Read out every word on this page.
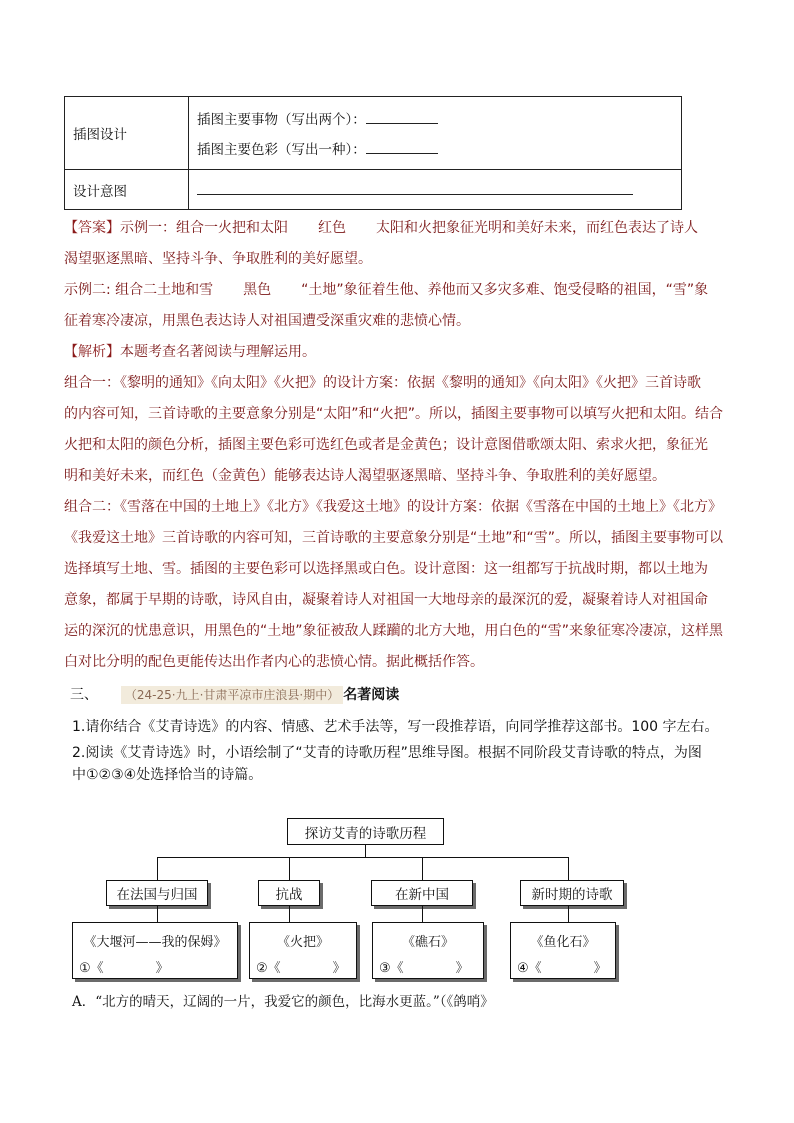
插图设计	插图主要事物（写出两个）：
插图主要色彩（写出一种）：

设计意图	

【答案】示例一：组合一火把和太阳 红色 太阳和火把象征光明和美好未来，而红色表达了诗人

渴望驱逐黑暗、坚持斗争、争取胜利的美好愿望。

示例二: 组合二土地和雪 黑色 “土地”象征着生他、养他而又多灾多难、饱受侵略的祖国，“雪”象

征着寒冷凄凉，用黑色表达诗人对祖国遭受深重灾难的悲愤心情。

【解析】本题考查名著阅读与理解运用。

组合一：《黎明的通知》《向太阳》《火把》的设计方案：依据《黎明的通知》《向太阳》《火把》三首诗歌

的内容可知，三首诗歌的主要意象分别是“太阳”和“火把”。所以，插图主要事物可以填写火把和太阳。结合

火把和太阳的颜色分析，插图主要色彩可选红色或者是金黄色；设计意图借歌颂太阳、索求火把，象征光

明和美好未来，而红色（金黄色）能够表达诗人渴望驱逐黑暗、坚持斗争、争取胜利的美好愿望。

组合二：《雪落在中国的土地上》《北方》《我爱这土地》的设计方案：依据《雪落在中国的土地上》《北方》

《我爱这土地》三首诗歌的内容可知，三首诗歌的主要意象分别是“土地”和“雪”。所以，插图主要事物可以

选择填写土地、雪。插图的主要色彩可以选择黑或白色。设计意图：这一组都写于抗战时期，都以土地为

意象，都属于早期的诗歌，诗风自由，凝聚着诗人对祖国一大地母亲的最深沉的爱，凝聚着诗人对祖国命

运的深沉的忧患意识，用黑色的“土地”象征被敌人蹂躏的北方大地，用白色的“雪”来象征寒冷凄凉，这样黑

白对比分明的配色更能传达出作者内心的悲愤心情。据此概括作答。

三、 （24-25·九上·甘肃平凉市庄浪县·期中） 名著阅读
1.请你结合《艾青诗选》的内容、情感、艺术手法等，写一段推荐语，向同学推荐这部书。100 字左右。
2.阅读《艾青诗选》时，小语绘制了“艾青的诗歌历程”思维导图。根据不同阶段艾青诗歌的特点，为图
中①②③④处选择恰当的诗篇。
探访艾青的诗歌历程
在法国与归国	抗战	在新中国	新时期的诗歌
《大堰河——我的保姆》
①《　　　　》
《火把》
②《　　　　》
《礁石》
③《　　　　》
《鱼化石》
④《　　　　》
A．“北方的晴天，辽阔的一片，我爱它的颜色，比海水更蓝。”（《鸽哨》
